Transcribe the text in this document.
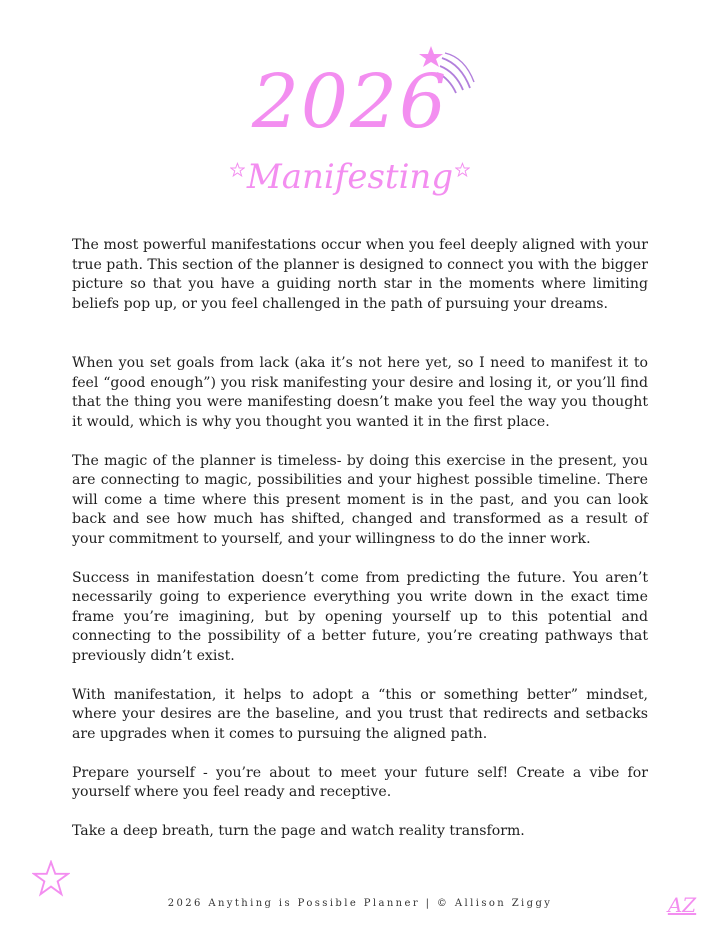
2026
Manifesting

The most powerful manifestations occur when you feel deeply aligned with your true path. This section of the planner is designed to connect you with the bigger picture so that you have a guiding north star in the moments where limiting beliefs pop up, or you feel challenged in the path of pursuing your dreams.

When you set goals from lack (aka it’s not here yet, so I need to manifest it to feel “good enough”) you risk manifesting your desire and losing it, or you’ll find that the thing you were manifesting doesn’t make you feel the way you thought it would, which is why you thought you wanted it in the first place.

The magic of the planner is timeless- by doing this exercise in the present, you are connecting to magic, possibilities and your highest possible timeline. There will come a time where this present moment is in the past, and you can look back and see how much has shifted, changed and transformed as a result of your commitment to yourself, and your willingness to do the inner work.

Success in manifestation doesn’t come from predicting the future. You aren’t necessarily going to experience everything you write down in the exact time frame you’re imagining, but by opening yourself up to this potential and connecting to the possibility of a better future, you’re creating pathways that previously didn’t exist.

With manifestation, it helps to adopt a “this or something better” mindset, where your desires are the baseline, and you trust that redirects and setbacks are upgrades when it comes to pursuing the aligned path.

Prepare yourself - you’re about to meet your future self! Create a vibe for yourself where you feel ready and receptive.

Take a deep breath, turn the page and watch reality transform.

2026 Anything is Possible Planner | © Allison Ziggy	AZ
